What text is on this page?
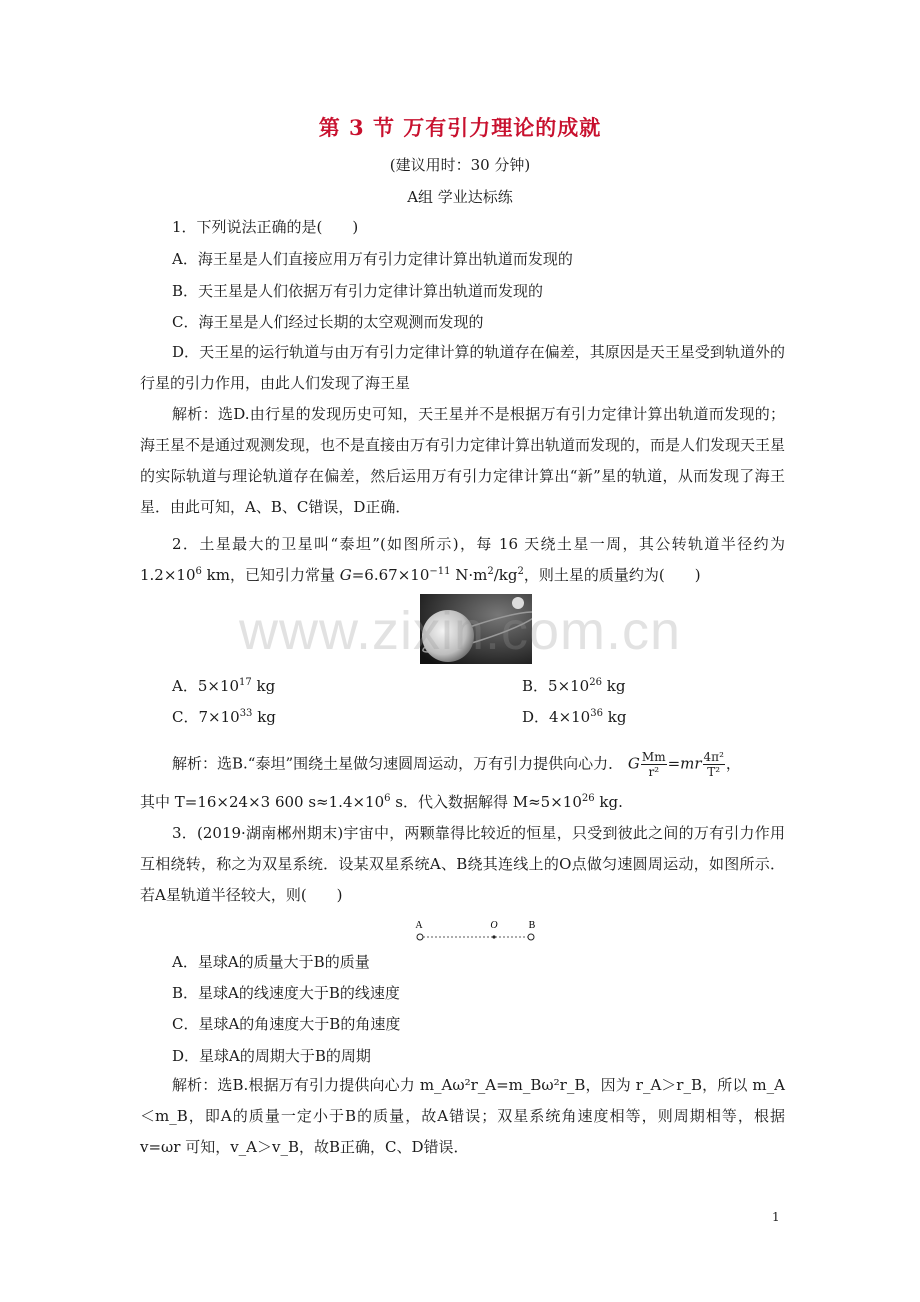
第 3 节 万有引力理论的成就
(建议用时：30 分钟)
A组 学业达标练
1．下列说法正确的是(　　)
A．海王星是人们直接应用万有引力定律计算出轨道而发现的
B．天王星是人们依据万有引力定律计算出轨道而发现的
C．海王星是人们经过长期的太空观测而发现的
D．天王星的运行轨道与由万有引力定律计算的轨道存在偏差，其原因是天王星受到轨道外的行星的引力作用，由此人们发现了海王星
解析：选D.由行星的发现历史可知，天王星并不是根据万有引力定律计算出轨道而发现的；海王星不是通过观测发现，也不是直接由万有引力定律计算出轨道而发现的，而是人们发现天王星的实际轨道与理论轨道存在偏差，然后运用万有引力定律计算出“新”星的轨道，从而发现了海王星．由此可知，A、B、C错误，D正确．
2．土星最大的卫星叫“泰坦”(如图所示)，每 16 天绕土星一周，其公转轨道半径约为 $1.2\times 10^6$ km，已知引力常量 $G=6.67\times 10^{-11}$ $N\cdot m^2/kg^2$，则土星的质量约为(　　)
www.zixin.com.cn
A．$5\times 10^{17}$ kg	B．$5\times 10^{26}$ kg
C．$7\times 10^{33}$ kg	D．$4\times 10^{36}$ kg
解析：选B.“泰坦”围绕土星做匀速圆周运动，万有引力提供向心力． G $\frac{Mm}{\text{r²}} =mr \frac{\text{4π²}}{\text{T²}}$ ，
其中 T=16×24×3 600 $s\approx 1.4\times 10^6$ s．代入数据解得 $M\approx 5\times 10^{26}$ kg.
3．(2019·湖南郴州期末)宇宙中，两颗靠得比较近的恒星，只受到彼此之间的万有引力作用互相绕转，称之为双星系统．设某双星系统A、B绕其连线上的O点做匀速圆周运动，如图所示．若A星轨道半径较大，则(　　)
A	O	B
A．星球A的质量大于B的质量
B．星球A的线速度大于B的线速度
C．星球A的角速度大于B的角速度
D．星球A的周期大于B的周期
解析：选B.根据万有引力提供向心力 m_Aω²r_A=m_Bω²r_B，因为 r_A＞r_B，所以 m_A＜m_B，即A的质量一定小于B的质量，故A错误；双星系统角速度相等，则周期相等，根据 v=ωr 可知，v_A＞v_B，故B正确，C、D错误．
1
